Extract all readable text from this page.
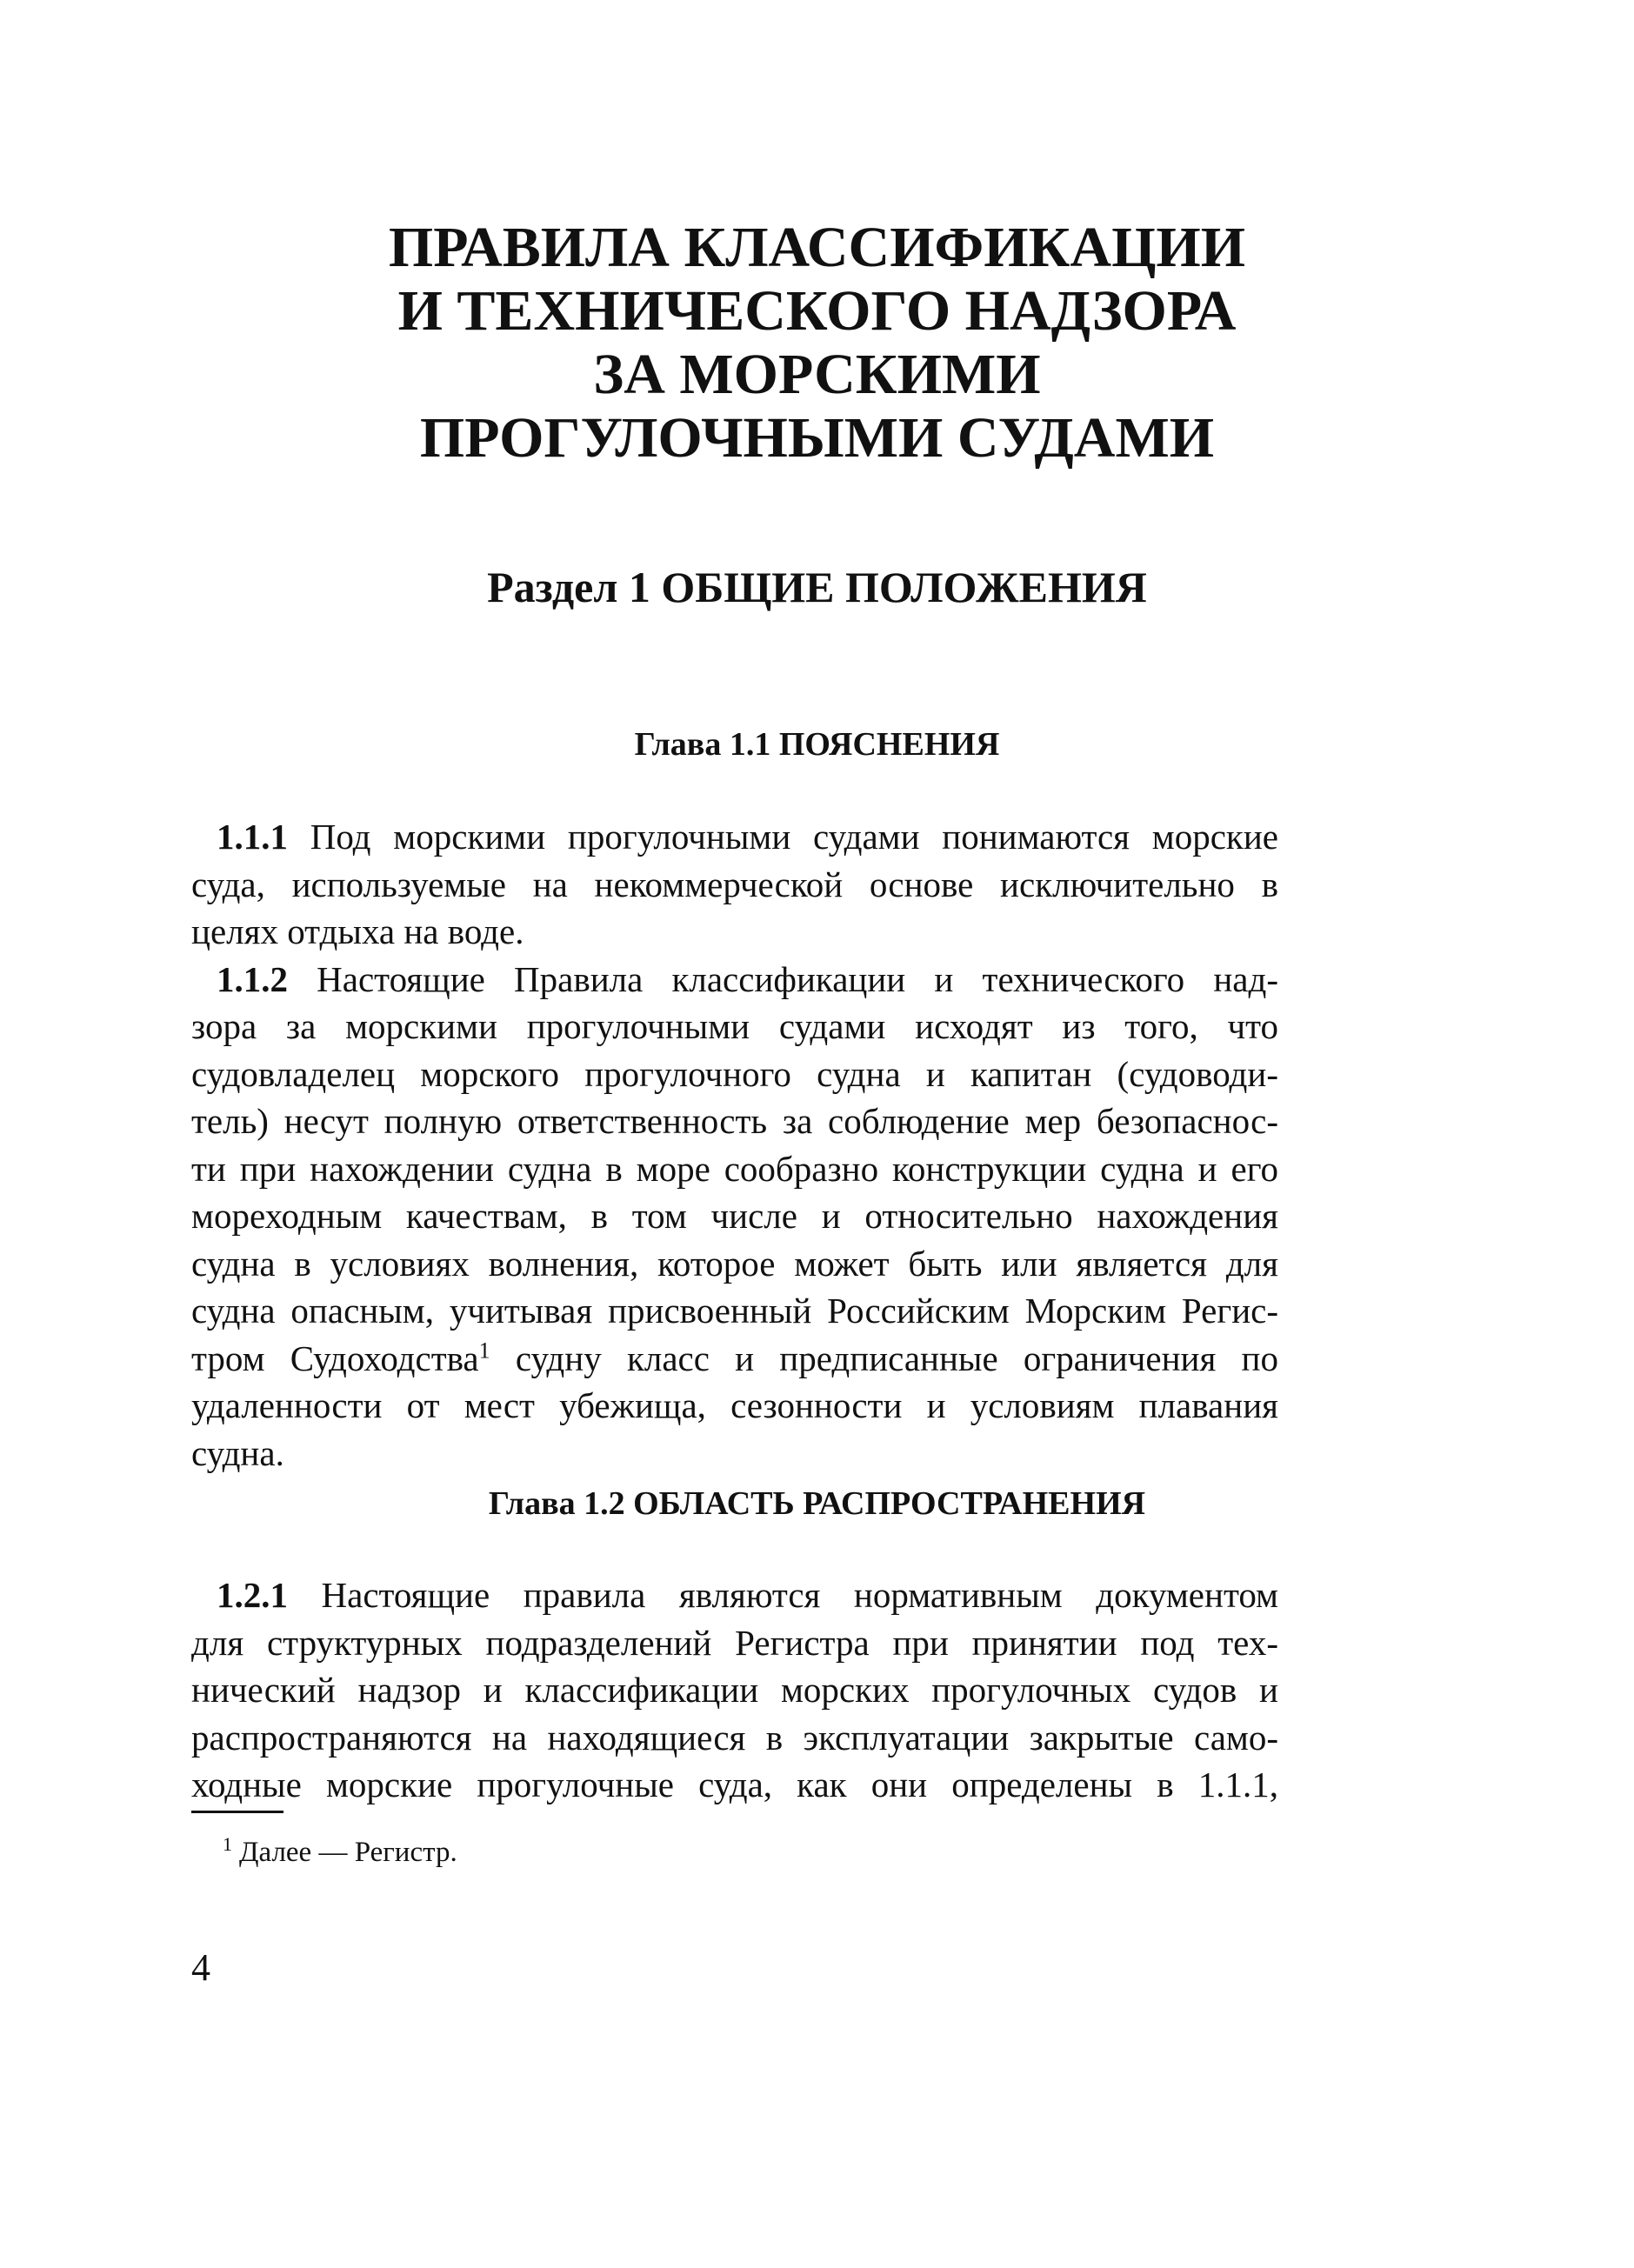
ПРАВИЛА КЛАССИФИКАЦИИ
И ТЕХНИЧЕСКОГО НАДЗОРА
ЗА МОРСКИМИ
ПРОГУЛОЧНЫМИ СУДАМИ
Раздел 1 ОБЩИЕ ПОЛОЖЕНИЯ
Глава 1.1 ПОЯСНЕНИЯ

1.1.1 Под морскими прогулочными судами понимаются морские
суда, используемые на некоммерческой основе исключительно в
целях отдыха на воде.

1.1.2 Настоящие Правила классификации и технического над-
зора за морскими прогулочными судами исходят из того, что
судовладелец морского прогулочного судна и капитан (судоводи-
тель) несут полную ответственность за соблюдение мер безопаснос-
ти при нахождении судна в море сообразно конструкции судна и его
мореходным качествам, в том числе и относительно нахождения
судна в условиях волнения, которое может быть или является для
судна опасным, учитывая присвоенный Российским Морским Регис-
тром Судоходства$^1$ судну класс и предписанные ограничения по
удаленности от мест убежища, сезонности и условиям плавания
судна.

Глава 1.2 ОБЛАСТЬ РАСПРОСТРАНЕНИЯ

1.2.1 Настоящие правила являются нормативным документом
для структурных подразделений Регистра при принятии под тех-
нический надзор и классификации морских прогулочных судов и
распространяются на находящиеся в эксплуатации закрытые само-
ходные морские прогулочные суда, как они определены в 1.1.1,

$^1$ Далее — Регистр.
4
